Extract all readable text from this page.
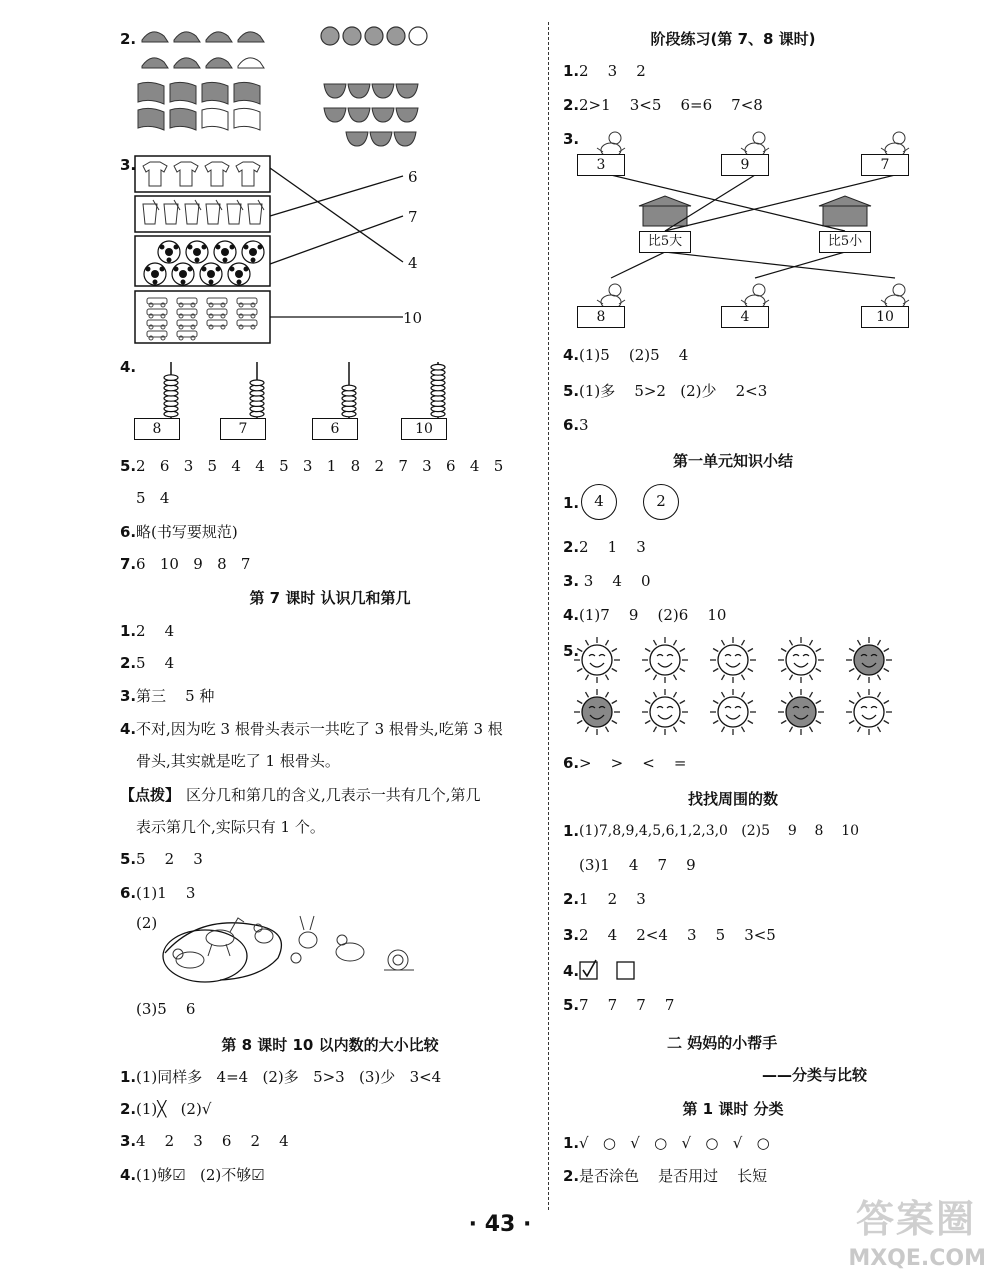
2.
3.
6
7
4
10
4.
8	7	6	10
5. 2   6   3   5   4   4   5   3   1   8   2   7   3   6   4   5
5   4
6. 略(书写要规范)
7. 6   10   9   8   7
第 7 课时 认识几和第几
1. 2    4
2. 5    4
3. 第三    5 种
4. 不对,因为吃 3 根骨头表示一共吃了 3 根骨头,吃第 3 根
骨头,其实就是吃了 1 根骨头。
【点拨】 区分几和第几的含义,几表示一共有几个,第几
表示第几个,实际只有 1 个。
5. 5    2    3
6. (1)1    3
(2)
(3)5    6
第 8 课时 10 以内数的大小比较
1. (1)同样多   4=4   (2)多   5>3   (3)少   3<4
2. (1)╳   (2)√
3. 4    2    3    6    2    4
4. (1)够☑   (2)不够☑
阶段练习(第 7、8 课时)
1. 2    3    2
2. 2>1    3<5    6=6    7<8
3.
3	9	7
比5大	比5小
8	4	10
4. (1)5    (2)5    4
5. (1)多    5>2   (2)少    2<3
6. 3
第一单元知识小结
1.	4	2
2. 2    1    3
3. 3    4    0
4. (1)7    9    (2)6    10
5.
6. >    >    <    =
找找周围的数
1. (1)7,8,9,4,5,6,1,2,3,0   (2)5    9    8    10
(3)1    4    7    9
2. 1    2    3
3. 2    4    2<4    3    5    3<5
4.
5. 7    7    7    7
二 妈妈的小帮手
——分类与比较
第 1 课时 分类
1. √   ○   √   ○   √   ○   √   ○
2. 是否涂色    是否用过    长短
· 43 ·	答案圈
MXQE.COM
